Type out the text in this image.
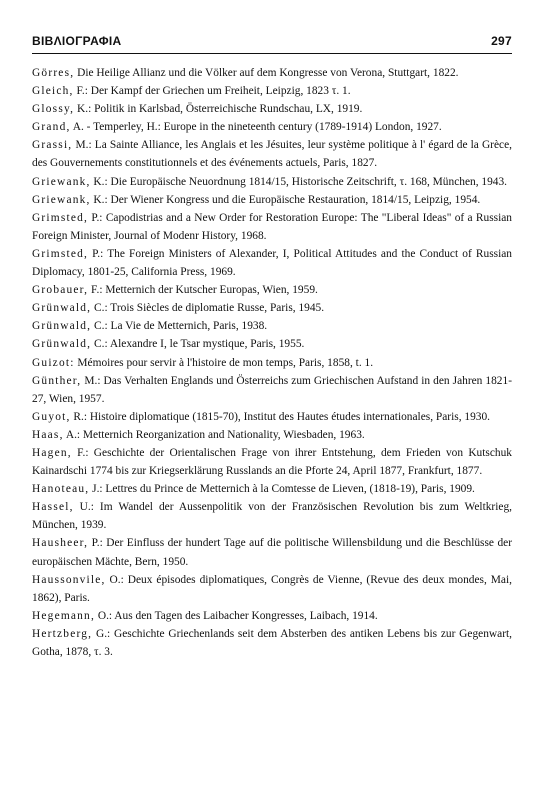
ΒΙΒΛΙΟΓΡΑΦΙΑ	297

Görres, Die Heilige Allianz und die Völker auf dem Kongresse von Verona, Stuttgart, 1822.

Gleich, F.: Der Kampf der Griechen um Freiheit, Leipzig, 1823 τ. 1.

Glossy, K.: Politik in Karlsbad, Österreichische Rundschau, LX, 1919.

Grand, A. - Temperley, H.: Europe in the nineteenth century (1789-1914) London, 1927.

Grassi, M.: La Sainte Alliance, les Anglais et les Jésuites, leur système politique à l' égard de la Grèce, des Gouvernements constitutionnels et des événements actuels, Paris, 1827.

Griewank, K.: Die Europäische Neuordnung 1814/15, Historische Zeitschrift, τ. 168, München, 1943.

Griewank, K.: Der Wiener Kongress und die Europäische Restauration, 1814/15, Leipzig, 1954.

Grimsted, P.: Capodistrias and a New Order for Restoration Europe: The "Liberal Ideas" of a Russian Foreign Minister, Journal of Modenr History, 1968.

Grimsted, P.: The Foreign Ministers of Alexander, I, Political Attitudes and the Conduct of Russian Diplomacy, 1801-25, California Press, 1969.

Grobauer, F.: Metternich der Kutscher Europas, Wien, 1959.

Grünwald, C.: Trois Siècles de diplomatie Russe, Paris, 1945.

Grünwald, C.: La Vie de Metternich, Paris, 1938.

Grünwald, C.: Alexandre I, le Tsar mystique, Paris, 1955.

Guizot: Mémoires pour servir à l'histoire de mon temps, Paris, 1858, t. 1.

Günther, M.: Das Verhalten Englands und Österreichs zum Griechischen Aufstand in den Jahren 1821-27, Wien, 1957.

Guyot, R.: Histoire diplomatique (1815-70), Institut des Hautes études internationales, Paris, 1930.

Haas, A.: Metternich Reorganization and Nationality, Wiesbaden, 1963.

Hagen, F.: Geschichte der Orientalischen Frage von ihrer Entstehung, dem Frieden von Kutschuk Kainardschi 1774 bis zur Kriegserklärung Russlands an die Pforte 24, April 1877, Frankfurt, 1877.

Hanoteau, J.: Lettres du Prince de Metternich à la Comtesse de Lieven, (1818-19), Paris, 1909.

Hassel, U.: Im Wandel der Aussenpolitik von der Französischen Revolution bis zum Weltkrieg, München, 1939.

Hausheer, P.: Der Einfluss der hundert Tage auf die politische Willensbildung und die Beschlüsse der europäischen Mächte, Bern, 1950.

Haussonvile, O.: Deux épisodes diplomatiques, Congrès de Vienne, (Revue des deux mondes, Mai, 1862), Paris.

Hegemann, O.: Aus den Tagen des Laibacher Kongresses, Laibach, 1914.

Hertzberg, G.: Geschichte Griechenlands seit dem Absterben des antiken Lebens bis zur Gegenwart, Gotha, 1878, τ. 3.
